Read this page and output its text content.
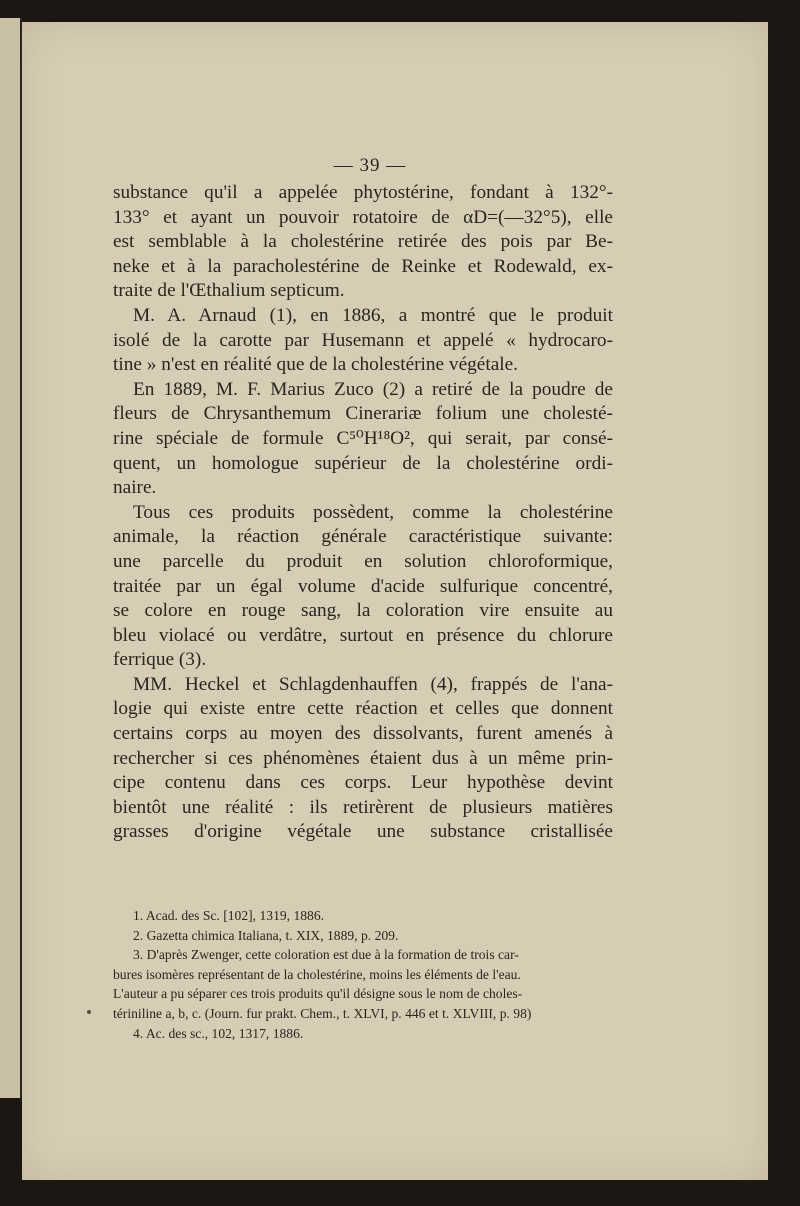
— 39 —

substance qu'il a appelée phytostérine, fondant à 132°-
133° et ayant un pouvoir rotatoire de αD=(—32°5), elle
est semblable à la cholestérine retirée des pois par Be-
neke et à la paracholestérine de Reinke et Rodewald, ex-
traite de l'Œthalium septicum.

M. A. Arnaud (1), en 1886, a montré que le produit
isolé de la carotte par Husemann et appelé « hydrocaro-
tine » n'est en réalité que de la cholestérine végétale.

En 1889, M. F. Marius Zuco (2) a retiré de la poudre de
fleurs de Chrysanthemum Cinerariæ folium une cholesté-
rine spéciale de formule C⁵⁰H¹⁸O², qui serait, par consé-
quent, un homologue supérieur de la cholestérine ordi-
naire.

Tous ces produits possèdent, comme la cholestérine
animale, la réaction générale caractéristique suivante:
une parcelle du produit en solution chloroformique,
traitée par un égal volume d'acide sulfurique concentré,
se colore en rouge sang, la coloration vire ensuite au
bleu violacé ou verdâtre, surtout en présence du chlorure
ferrique (3).

MM. Heckel et Schlagdenhauffen (4), frappés de l'ana-
logie qui existe entre cette réaction et celles que donnent
certains corps au moyen des dissolvants, furent amenés à
rechercher si ces phénomènes étaient dus à un même prin-
cipe contenu dans ces corps. Leur hypothèse devint
bientôt une réalité : ils retirèrent de plusieurs matières
grasses d'origine végétale une substance cristallisée

1. Acad. des Sc. [102], 1319, 1886.

2. Gazetta chimica Italiana, t. XIX, 1889, p. 209.

3. D'après Zwenger, cette coloration est due à la formation de trois car-
bures isomères représentant de la cholestérine, moins les éléments de l'eau.
L'auteur a pu séparer ces trois produits qu'il désigne sous le nom de choles-
tériniline a, b, c. (Journ. fur prakt. Chem., t. XLVI, p. 446 et t. XLVIII, p. 98)

4. Ac. des sc., 102, 1317, 1886.
